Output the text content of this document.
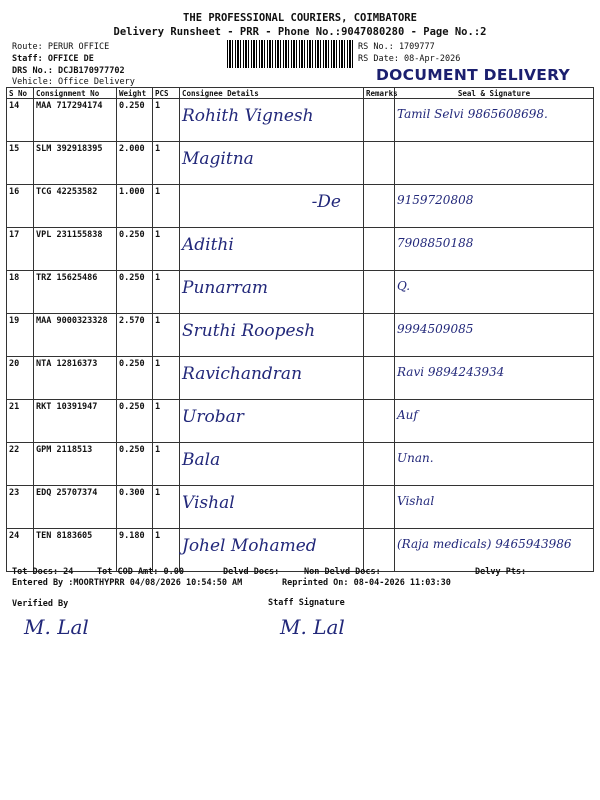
THE PROFESSIONAL COURIERS, COIMBATORE
Delivery Runsheet - PRR - Phone No.:9047080280 - Page No.:2
Route: PERUR OFFICE
Staff: OFFICE DE
DRS No.: DCJB170977702
Vehicle: Office Delivery
RS No.: 1709777
RS Date: 08-Apr-2026
DOCUMENT DELIVERY
S No	Consignment No	Weight	PCS	Consignee Details	Remarks	Seal & Signature
14	MAA 717294174	0.250	1	Rohith Vignesh		Tamil Selvi 9865608698.

15	SLM 392918395	2.000	1	Magitna		

16	TCG 42253582	1.000	1	-De		9159720808

17	VPL 231155838	0.250	1	Adithi		7908850188

18	TRZ 15625486	0.250	1	Punarram		Q.

19	MAA 9000323328	2.570	1	Sruthi Roopesh		9994509085

20	NTA 12816373	0.250	1	Ravichandran		Ravi 9894243934

21	RKT 10391947	0.250	1	Urobar		Auf

22	GPM 2118513	0.250	1	Bala		Unan.

23	EDQ 25707374	0.300	1	Vishal		Vishal

24	TEN 8183605	9.180	1	Johel Mohamed		(Raja medicals) 9465943986
Tot Docs: 24	Tot COD Amt: 0.00	Delvd Docs:	Non Delvd Docs:	Delvy Pts:
Entered By :MOORTHYPRR 04/08/2026 10:54:50 AM	Reprinted On: 08-04-2026 11:03:30
Verified By	Staff Signature
M. Lal	M. Lal
